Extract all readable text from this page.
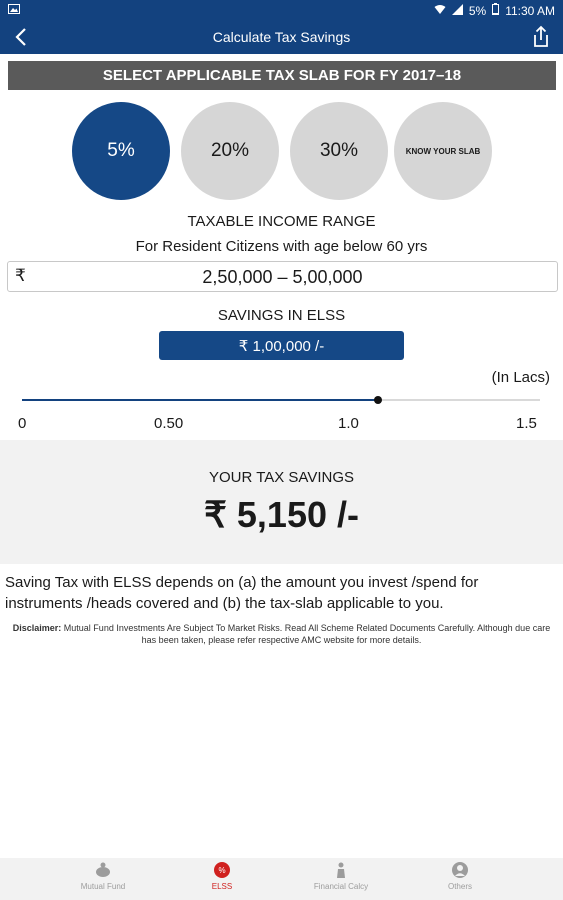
5% 11:30 AM
Calculate Tax Savings
SELECT APPLICABLE TAX SLAB FOR FY 2017–18
5%	20%	30%	KNOW YOUR SLAB
TAXABLE INCOME RANGE
For Resident Citizens with age below 60 yrs
₹	2,50,000 – 5,00,000
SAVINGS IN ELSS
₹ 1,00,000 /-
(In Lacs)
0	0.50	1.0	1.5
YOUR TAX SAVINGS
₹ 5,150 /-
Saving Tax with ELSS depends on (a) the amount you invest /spend for instruments /heads covered and (b) the tax-slab applicable to you.
Disclaimer: Mutual Fund Investments Are Subject To Market Risks. Read All Scheme Related Documents Carefully. Although due care has been taken, please refer respective AMC website for more details.
Mutual Fund
%
ELSS	Financial Calcy	Others
